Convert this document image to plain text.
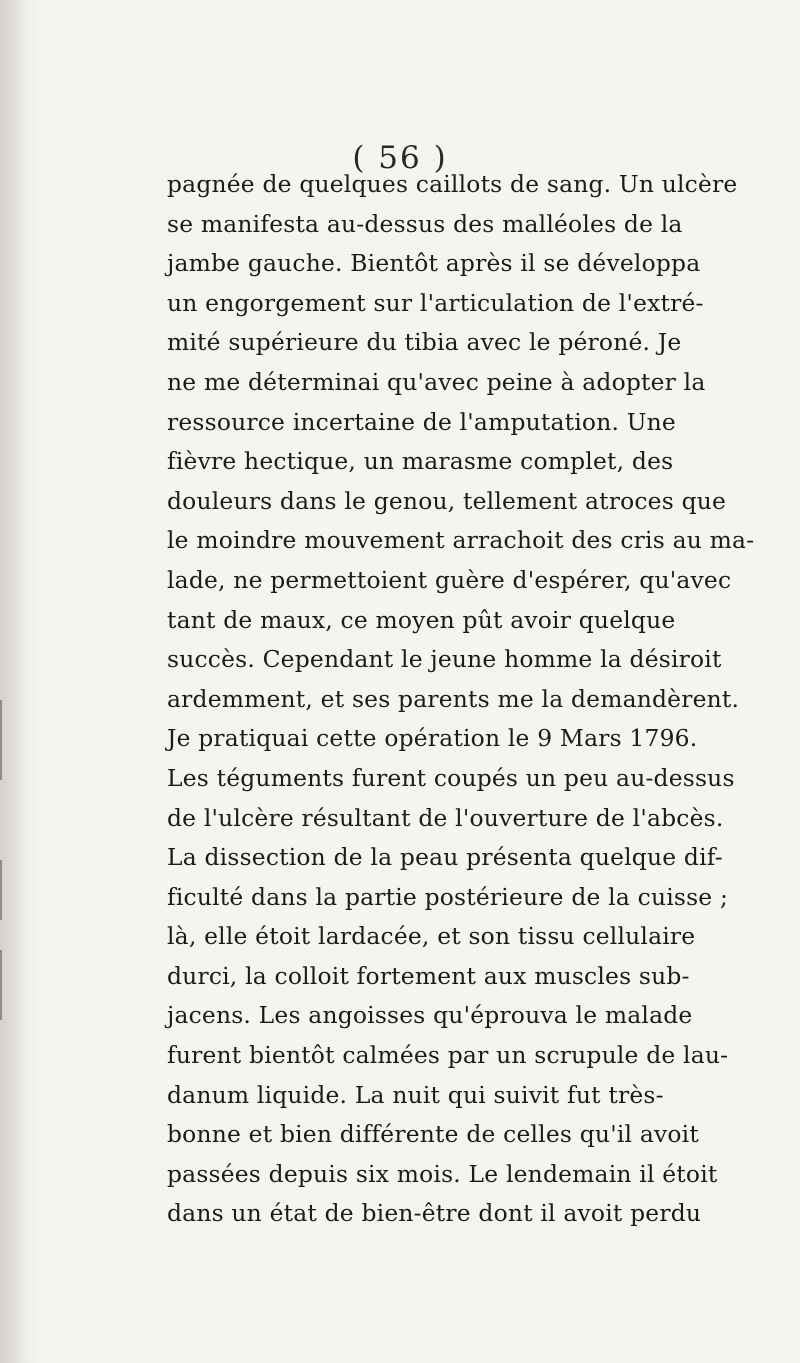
( 56 )
pagnée de quelques caillots de sang. Un ulcère
se manifesta au-dessus des malléoles de la
jambe gauche. Bientôt après il se développa
un engorgement sur l'articulation de l'extré-
mité supérieure du tibia avec le péroné. Je
ne me déterminai qu'avec peine à adopter la
ressource incertaine de l'amputation. Une
fièvre hectique, un marasme complet, des
douleurs dans le genou, tellement atroces que
le moindre mouvement arrachoit des cris au ma-
lade, ne permettoient guère d'espérer, qu'avec
tant de maux, ce moyen pût avoir quelque
succès. Cependant le jeune homme la désiroit
ardemment, et ses parents me la demandèrent.
Je pratiquai cette opération le 9 Mars 1796.
Les téguments furent coupés un peu au-dessus
de l'ulcère résultant de l'ouverture de l'abcès.
La dissection de la peau présenta quelque dif-
ficulté dans la partie postérieure de la cuisse ;
là, elle étoit lardacée, et son tissu cellulaire
durci, la colloit fortement aux muscles sub-
jacens. Les angoisses qu'éprouva le malade
furent bientôt calmées par un scrupule de lau-
danum liquide. La nuit qui suivit fut très-
bonne et bien différente de celles qu'il avoit
passées depuis six mois. Le lendemain il étoit
dans un état de bien-être dont il avoit perdu
